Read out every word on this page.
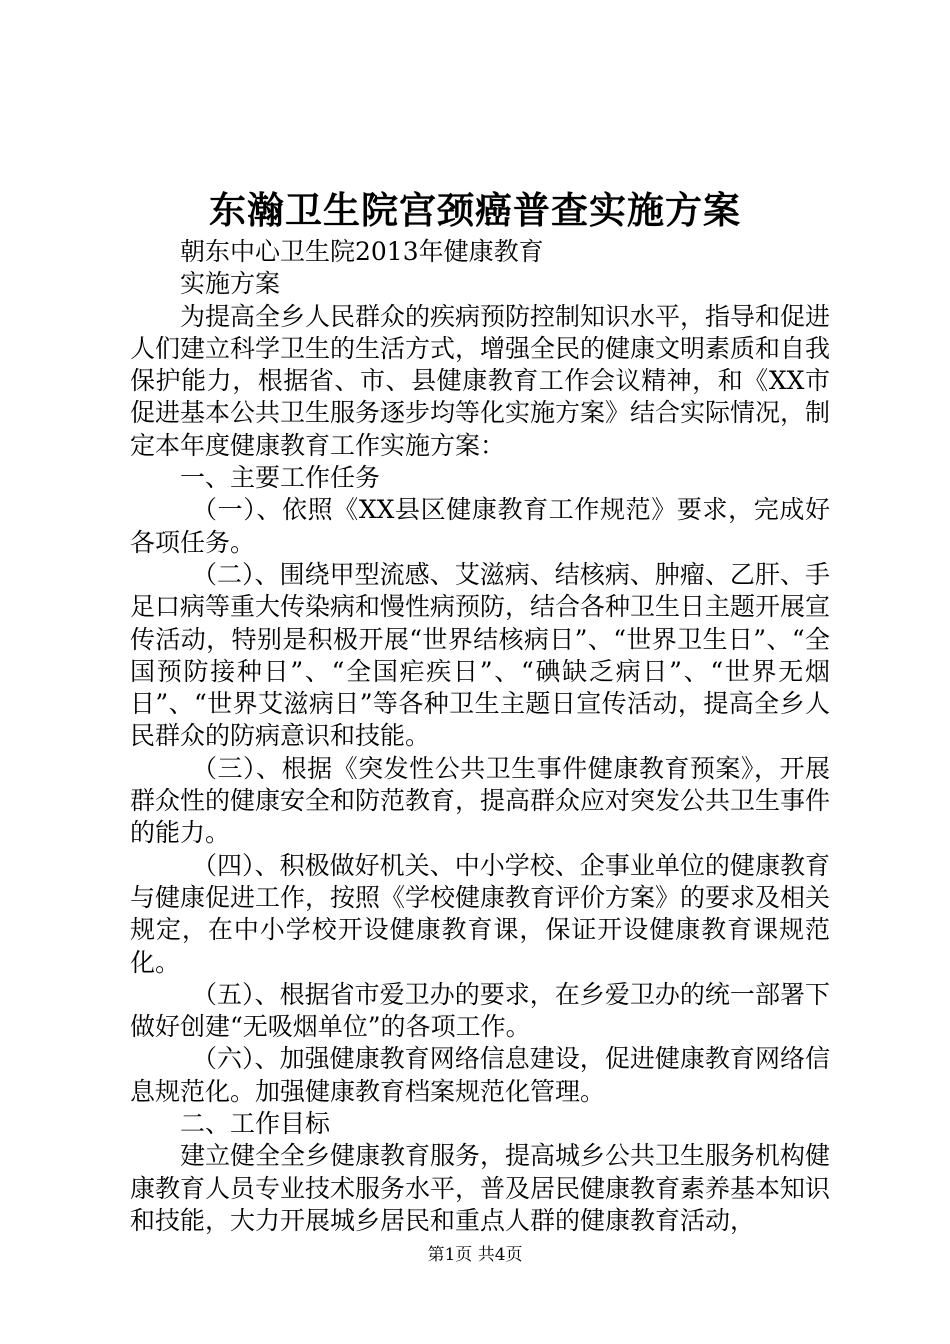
东瀚卫生院宫颈癌普查实施方案

朝东中心卫生院2013年健康教育

实施方案

为提高全乡人民群众的疾病预防控制知识水平，指导和促进人们建立科学卫生的生活方式，增强全民的健康文明素质和自我保护能力，根据省、市、县健康教育工作会议精神，和《XX市促进基本公共卫生服务逐步均等化实施方案》结合实际情况，制定本年度健康教育工作实施方案：

一、主要工作任务

（一）、依照《XX县区健康教育工作规范》要求，完成好各项任务。

（二）、围绕甲型流感、艾滋病、结核病、肿瘤、乙肝、手足口病等重大传染病和慢性病预防，结合各种卫生日主题开展宣传活动，特别是积极开展“世界结核病日”、“世界卫生日”、“全国预防接种日”、“全国疟疾日”、“碘缺乏病日”、“世界无烟日”、“世界艾滋病日”等各种卫生主题日宣传活动，提高全乡人民群众的防病意识和技能。

（三）、根据《突发性公共卫生事件健康教育预案》，开展群众性的健康安全和防范教育，提高群众应对突发公共卫生事件的能力。

（四）、积极做好机关、中小学校、企事业单位的健康教育与健康促进工作，按照《学校健康教育评价方案》的要求及相关规定，在中小学校开设健康教育课，保证开设健康教育课规范化。

（五）、根据省市爱卫办的要求，在乡爱卫办的统一部署下做好创建“无吸烟单位”的各项工作。

（六）、加强健康教育网络信息建设，促进健康教育网络信息规范化。加强健康教育档案规范化管理。

二、工作目标

建立健全全乡健康教育服务，提高城乡公共卫生服务机构健康教育人员专业技术服务水平，普及居民健康教育素养基本知识和技能，大力开展城乡居民和重点人群的健康教育活动，

第1页 共4页
